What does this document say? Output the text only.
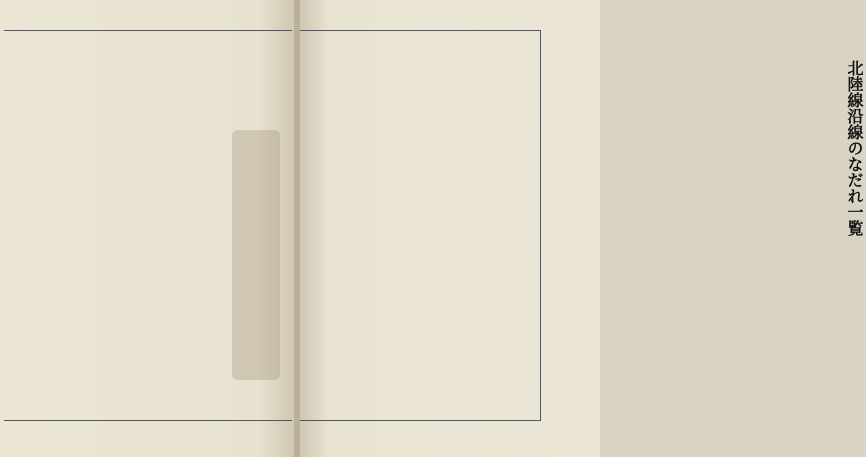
北陸線沿線のなだれ一覧
